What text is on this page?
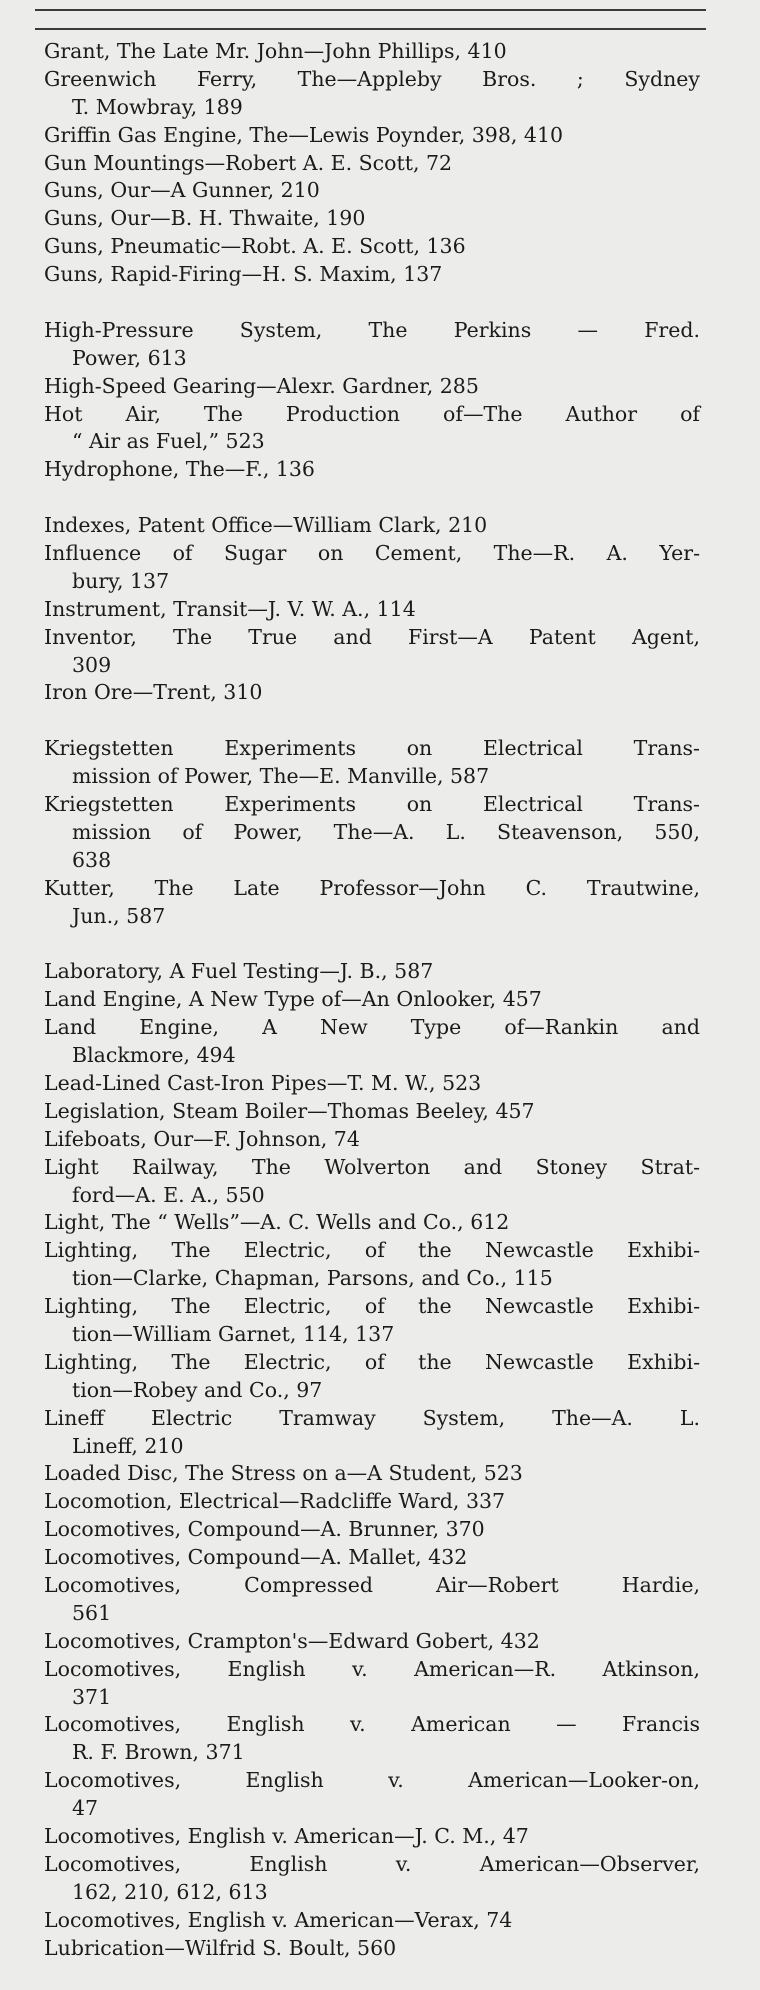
Grant, The Late Mr. John—John Phillips, 410
Greenwich Ferry, The—Appleby Bros. ; Sydney
T. Mowbray, 189
Griffin Gas Engine, The—Lewis Poynder, 398, 410
Gun Mountings—Robert A. E. Scott, 72
Guns, Our—A Gunner, 210
Guns, Our—B. H. Thwaite, 190
Guns, Pneumatic—Robt. A. E. Scott, 136
Guns, Rapid-Firing—H. S. Maxim, 137
High-Pressure System, The Perkins — Fred.
Power, 613
High-Speed Gearing—Alexr. Gardner, 285
Hot Air, The Production of—The Author of
“ Air as Fuel,” 523
Hydrophone, The—F., 136
Indexes, Patent Office—William Clark, 210
Influence of Sugar on Cement, The—R. A. Yer-
bury, 137
Instrument, Transit—J. V. W. A., 114
Inventor, The True and First—A Patent Agent,
309
Iron Ore—Trent, 310
Kriegstetten Experiments on Electrical Trans-
mission of Power, The—E. Manville, 587
Kriegstetten Experiments on Electrical Trans-
mission of Power, The—A. L. Steavenson, 550,
638
Kutter, The Late Professor—John C. Trautwine,
Jun., 587
Laboratory, A Fuel Testing—J. B., 587
Land Engine, A New Type of—An Onlooker, 457
Land Engine, A New Type of—Rankin and
Blackmore, 494
Lead-Lined Cast-Iron Pipes—T. M. W., 523
Legislation, Steam Boiler—Thomas Beeley, 457
Lifeboats, Our—F. Johnson, 74
Light Railway, The Wolverton and Stoney Strat-
ford—A. E. A., 550
Light, The “ Wells”—A. C. Wells and Co., 612
Lighting, The Electric, of the Newcastle Exhibi-
tion—Clarke, Chapman, Parsons, and Co., 115
Lighting, The Electric, of the Newcastle Exhibi-
tion—William Garnet, 114, 137
Lighting, The Electric, of the Newcastle Exhibi-
tion—Robey and Co., 97
Lineff Electric Tramway System, The—A. L.
Lineff, 210
Loaded Disc, The Stress on a—A Student, 523
Locomotion, Electrical—Radcliffe Ward, 337
Locomotives, Compound—A. Brunner, 370
Locomotives, Compound—A. Mallet, 432
Locomotives, Compressed Air—Robert Hardie,
561
Locomotives, Crampton's—Edward Gobert, 432
Locomotives, English v. American—R. Atkinson,
371
Locomotives, English v. American — Francis
R. F. Brown, 371
Locomotives, English v. American—Looker-on,
47
Locomotives, English v. American—J. C. M., 47
Locomotives, English v. American—Observer,
162, 210, 612, 613
Locomotives, English v. American—Verax, 74
Lubrication—Wilfrid S. Boult, 560
